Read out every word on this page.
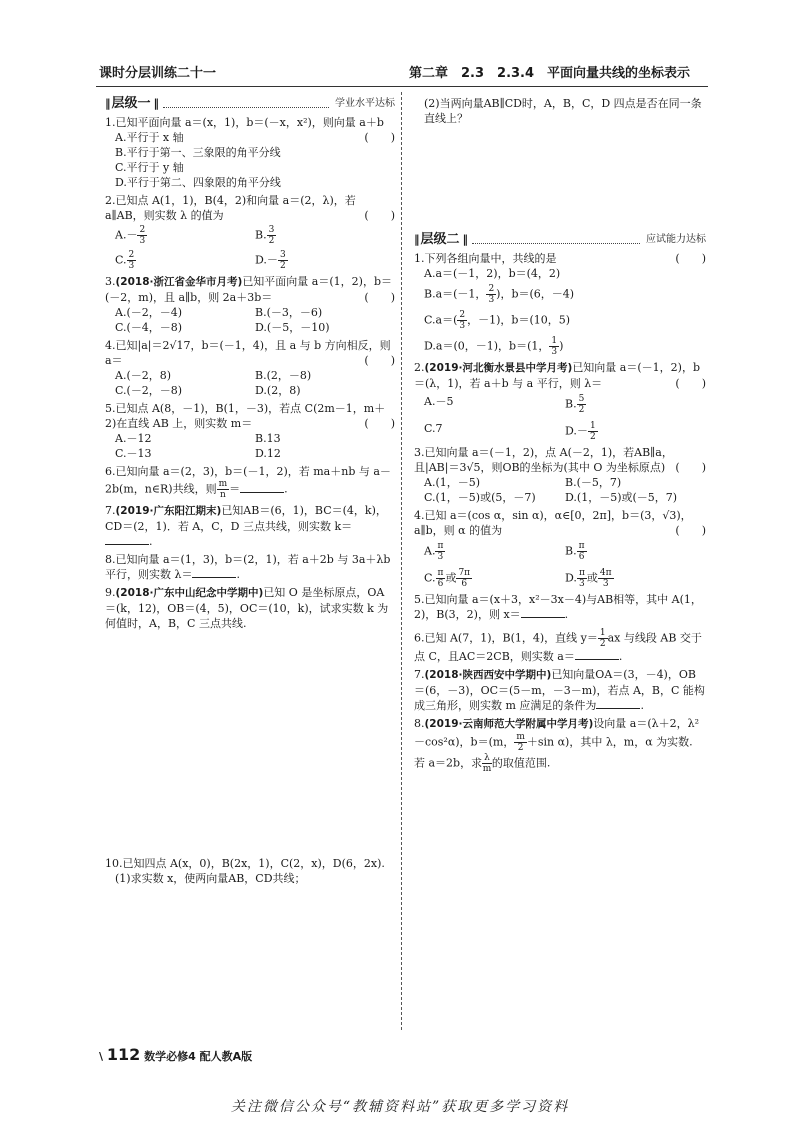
课时分层训练二十一	第二章　2.3　2.3.4　平面向量共线的坐标表示
‖ 层级一 ‖	学业水平达标
1.已知平面向量 a＝(x，1)，b＝(－x，x²)，则向量 a＋b
(　　)
A.平行于 x 轴
B.平行于第一、三象限的角平分线
C.平行于 y 轴
D.平行于第二、四象限的角平分线
2.已知点 A(1，1)，B(4，2)和向量 a＝(2，λ)，若 a∥AB，则实数 λ 的值为	(　　)
$A.- \frac{2}{3}$	B. $\frac{3}{2}$
C. $\frac{2}{3}$	$D.- \frac{3}{2}$
3.(2018·浙江省金华市月考)已知平面向量 a＝(1，2)，b＝(－2，m)，且 a∥b，则 2a＋3b＝	(　　)
A.(－2，－4)	B.(－3，－6)
C.(－4，－8)	D.(－5，－10)
4.已知|a|＝2√17，b＝(－1，4)，且 a 与 b 方向相反，则 a＝	(　　)
A.(－2，8)	B.(2，－8)
C.(－2，－8)	D.(2，8)
5.已知点 A(8，－1)，B(1，－3)，若点 C(2m－1，m＋2)在直线 AB 上，则实数 m＝	(　　)
A.－12	B.13
C.－13	D.12
6.已知向量 a＝(2，3)，b＝(－1，2)，若 ma＋nb 与 a－2b(m，n∈R)共线，则 $\frac{m}{n}$ ＝	.
7.(2019·广东阳江期末)已知AB＝(6，1)，BC＝(4，k)，CD＝(2，1)．若 A，C，D 三点共线，则实数 k＝.
8.已知向量 a＝(1，3)，b＝(2，1)，若 a＋2b 与 3a＋λb 平行，则实数 λ＝	.
9.(2018·广东中山纪念中学期中)已知 O 是坐标原点，OA＝(k，12)，OB＝(4，5)，OC＝(10，k)，试求实数 k 为何值时，A，B，C 三点共线.
10.已知四点 A(x，0)，B(2x，1)，C(2，x)，D(6，2x).
(1)求实数 x，使两向量AB，CD共线；
(2)当两向量AB∥CD时，A，B，C，D 四点是否在同一条直线上？
‖ 层级二 ‖	应试能力达标
1.下列各组向量中，共线的是	(　　)
A.a＝(－1，2)，b＝(4，2)
B.a＝(－1， $\frac{2}{3}$ )，b＝(6，－4)
$C.a=( \frac{2}{3}$ ，－1)，b＝(10，5)
D.a＝(0，－1)，b＝(1， $\frac{1}{3}$ )
2.(2019·河北衡水景县中学月考)已知向量 a＝(－1，2)，b＝(λ，1)，若 a＋b 与 a 平行，则 λ＝	(　　)
A.－5	B. $\frac{5}{2}$
C.7	$D.- \frac{1}{2}$
3.已知向量 a＝(－1，2)，点 A(－2，1)，若AB∥a，且|AB|＝3√5，则OB的坐标为(其中 O 为坐标原点) (　　)
A.(1，－5)	B.(－5，7)
C.(1，－5)或(5，－7)	D.(1，－5)或(－5，7)
4.已知 a＝(cos α，sin α)，α∈[0，2π]，b＝(3，√3)，a∥b，则 α 的值为	(　　)
A. $\frac{\pi}{3}$	B. $\frac{\pi}{6}$
C. $\frac{\pi}{6}$ 或 $\frac{7\pi}{6}$	D. $\frac{\pi}{3}$ 或 $\frac{4\pi}{3}$
5.已知向量 a＝(x＋3，x²－3x－4)与AB相等，其中 A(1，2)，B(3，2)，则 x＝	.
6.已知 A(7，1)，B(1，4)，直线 $y= \frac{1}{2}$ ax 与线段 AB 交于点 C，且AC＝2CB，则实数 a＝	.
7.(2018·陕西西安中学期中)已知向量OA＝(3，－4)，OB＝(6，－3)，OC＝(5－m，－3－m)，若点 A，B，C 能构成三角形，则实数 m 应满足的条件为	.
8.(2019·云南师范大学附属中学月考)设向量 a＝(λ＋2，λ²－cos²α)，b＝(m， $\frac{m}{2} +\sin$ α)，其中 λ，m，α 为实数. 若 a＝2b，求 $\frac{\lambda}{m}$ 的取值范围.
\ 112 数学必修4 配人教A版
关注微信公众号“教辅资料站”获取更多学习资料
